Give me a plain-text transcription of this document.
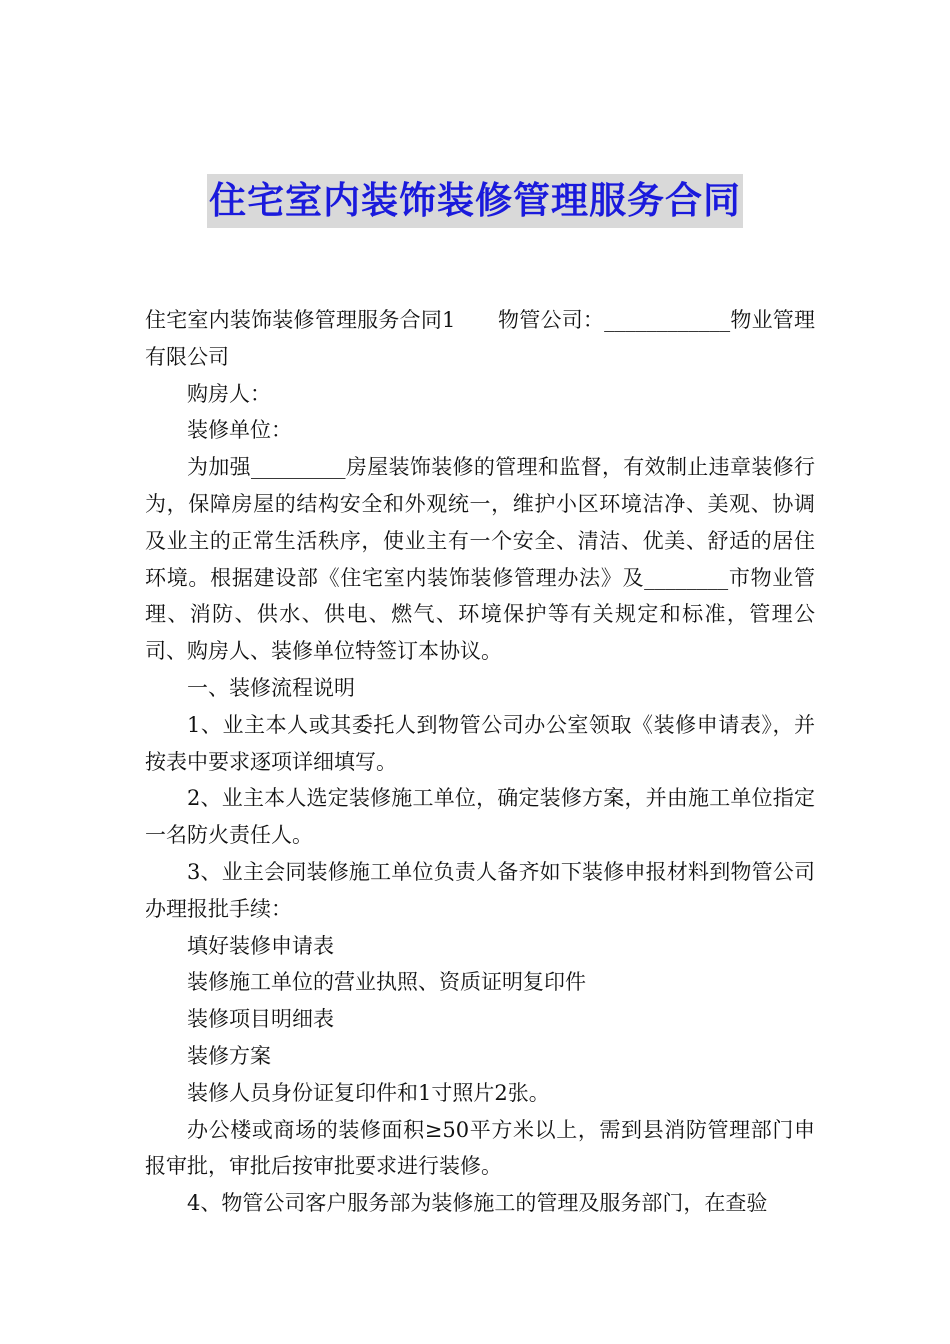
住宅室内装饰装修管理服务合同

住宅室内装饰装修管理服务合同1　　物管公司：____________物业管理有限公司

购房人：

装修单位：

为加强_________房屋装饰装修的管理和监督，有效制止违章装修行为，保障房屋的结构安全和外观统一，维护小区环境洁净、美观、协调及业主的正常生活秩序，使业主有一个安全、清洁、优美、舒适的居住环境。根据建设部《住宅室内装饰装修管理办法》及________市物业管理、消防、供水、供电、燃气、环境保护等有关规定和标准，管理公司、购房人、装修单位特签订本协议。

一、装修流程说明

1、业主本人或其委托人到物管公司办公室领取《装修申请表》，并按表中要求逐项详细填写。

2、业主本人选定装修施工单位，确定装修方案，并由施工单位指定一名防火责任人。

3、业主会同装修施工单位负责人备齐如下装修申报材料到物管公司办理报批手续：

填好装修申请表

装修施工单位的营业执照、资质证明复印件

装修项目明细表

装修方案

装修人员身份证复印件和1寸照片2张。

办公楼或商场的装修面积≥50平方米以上，需到县消防管理部门申报审批，审批后按审批要求进行装修。

4、物管公司客户服务部为装修施工的管理及服务部门，在查验
